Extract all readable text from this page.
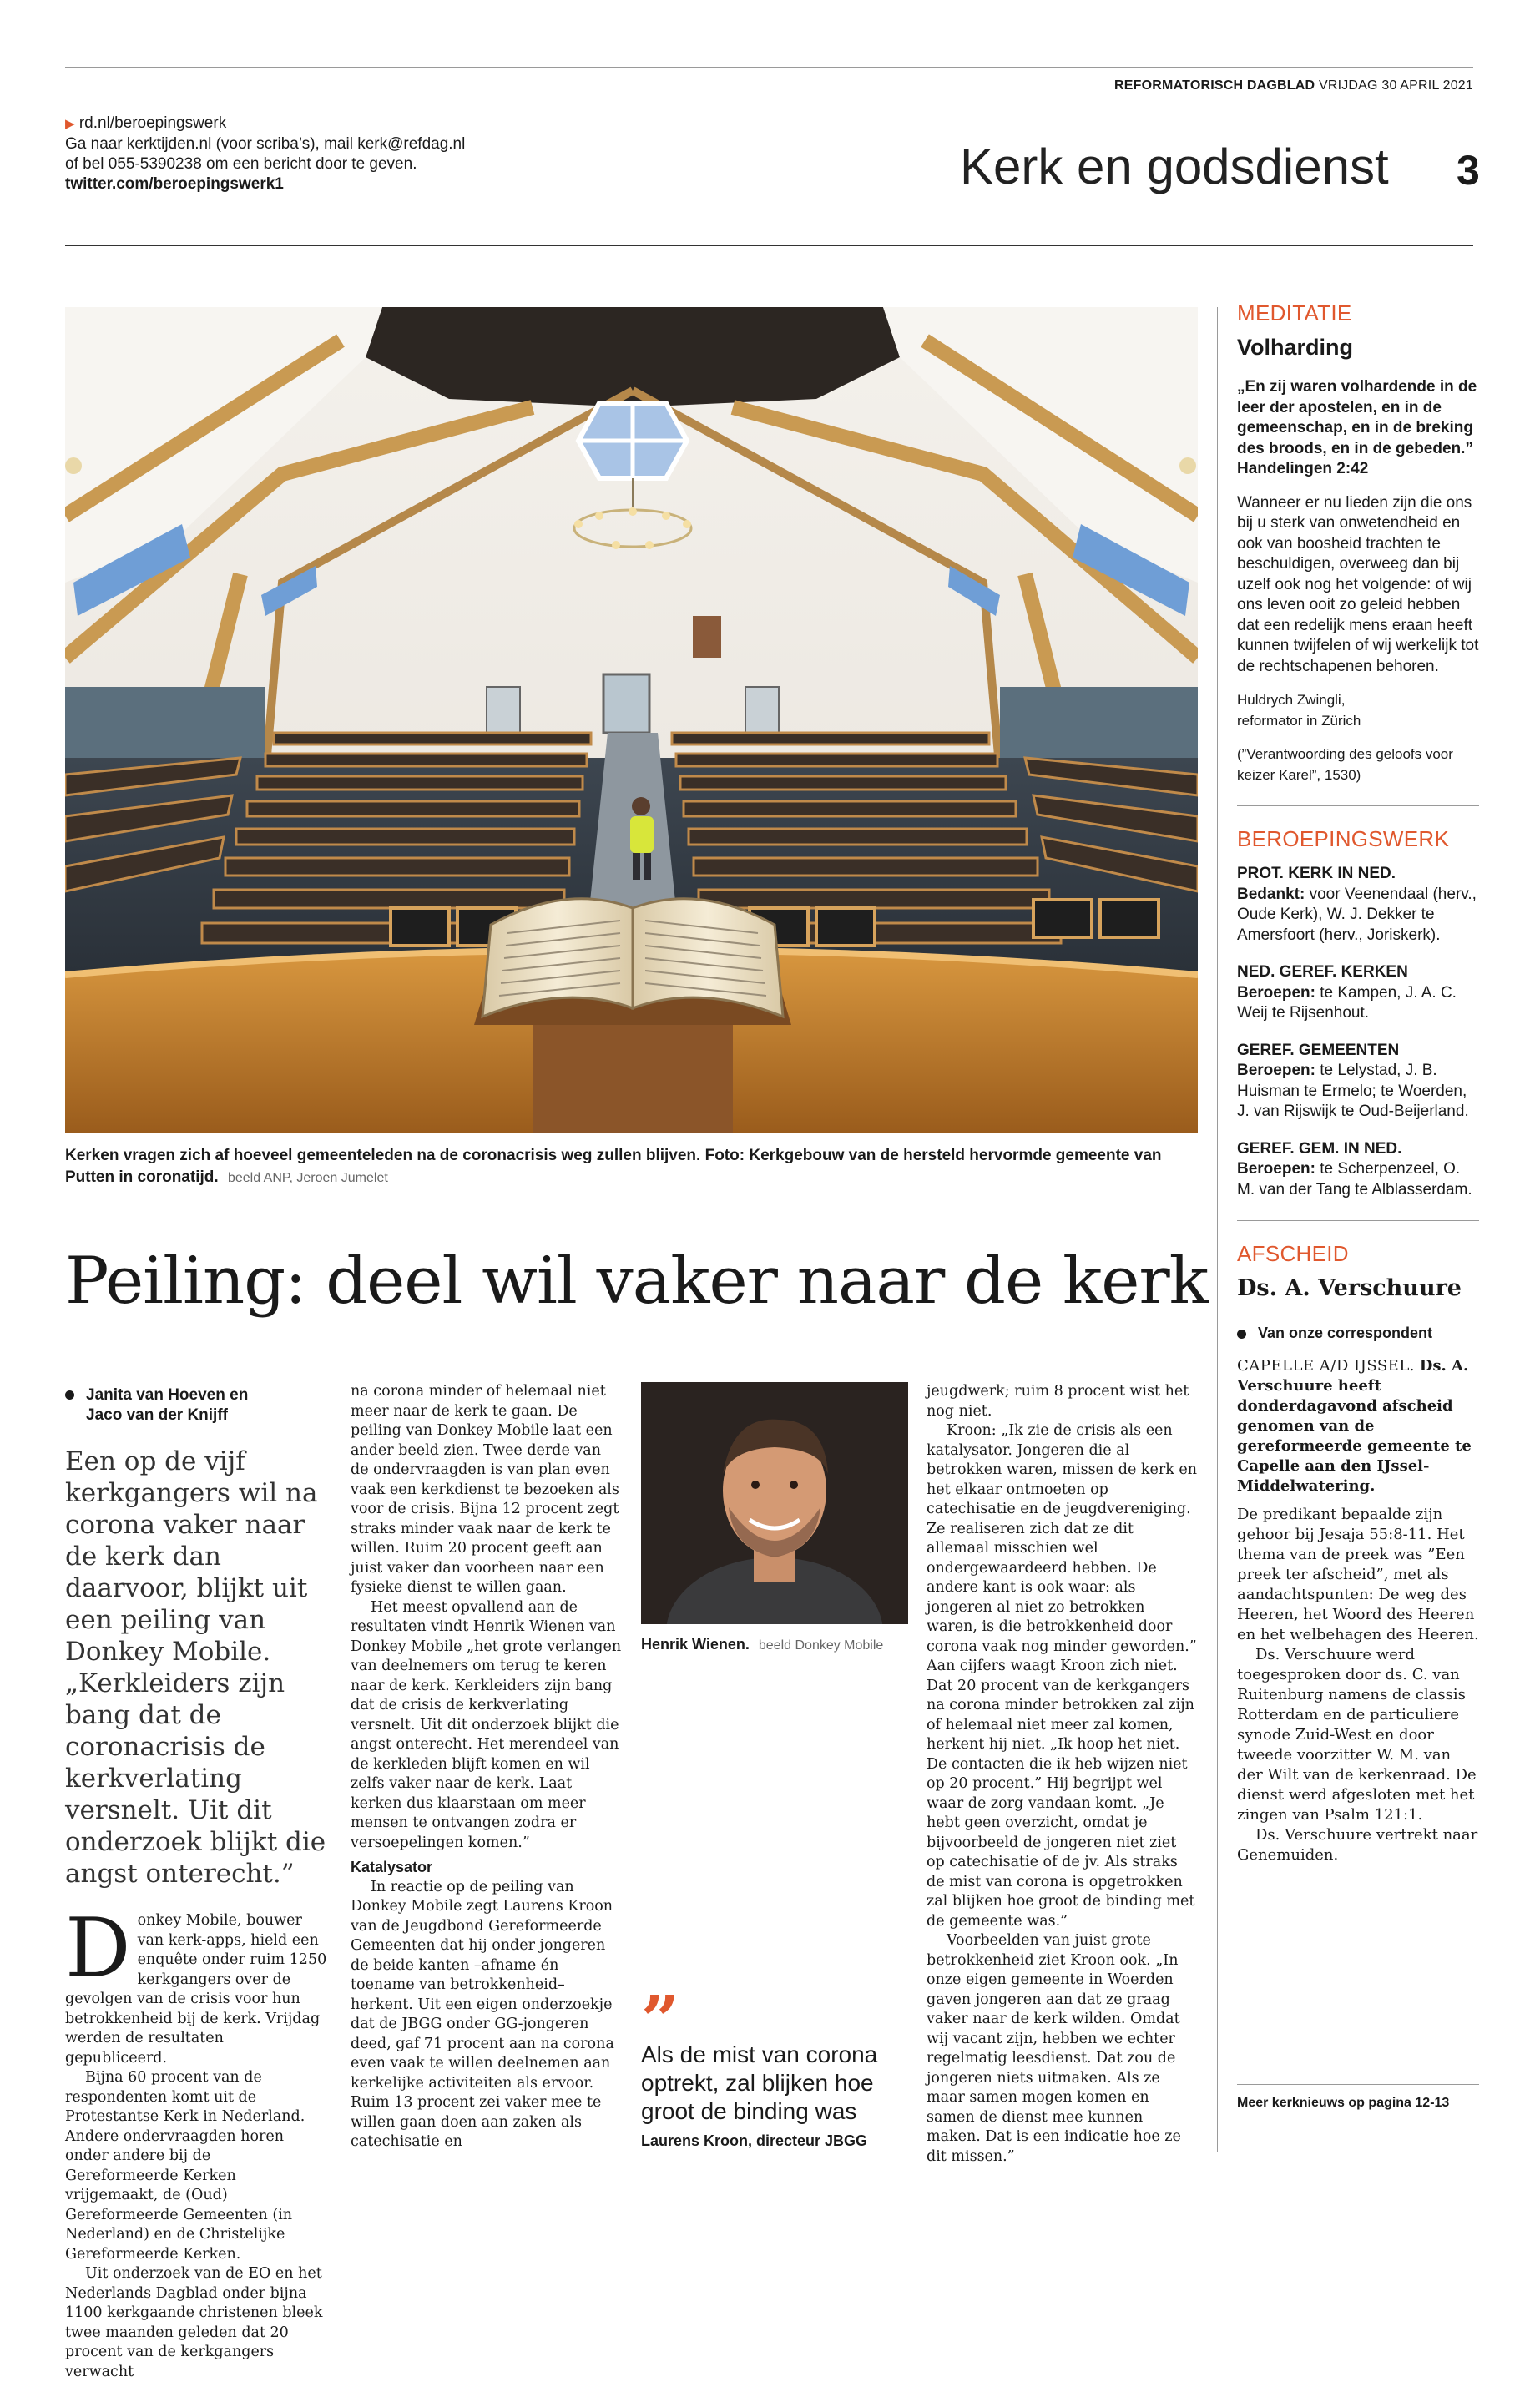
REFORMATORISCH DAGBLAD VRIJDAG 30 APRIL 2021
▶ rd.nl/beroepingswerk
Ga naar kerktijden.nl (voor scriba’s), mail kerk@refdag.nl
of bel 055-5390238 om een bericht door te geven.
twitter.com/beroepingswerk1	Kerk en godsdienst 3
Kerken vragen zich af hoeveel gemeenteleden na de coronacrisis weg zullen blijven. Foto: Kerkgebouw van de hersteld hervormde gemeente van Putten in coronatijd. beeld ANP, Jeroen Jumelet
Peiling: deel wil vaker naar de kerk
Janita van Hoeven en
Jaco van der Knijff

Een op de vijf kerkgangers wil na corona vaker naar de kerk dan daarvoor, blijkt uit een peiling van Donkey Mobile. „Kerkleiders zijn bang dat de coronacrisis de kerkverlating versnelt. Uit dit onderzoek blijkt die angst onterecht.”

D onkey Mobile, bouwer van kerk-apps, hield een enquête onder ruim 1250 kerkgangers over de gevolgen van de crisis voor hun betrokkenheid bij de kerk. Vrijdag werden de resultaten gepubliceerd.

Bijna 60 procent van de respondenten komt uit de Protestantse Kerk in Nederland. Andere ondervraagden horen onder andere bij de Gereformeerde Kerken vrijgemaakt, de (Oud) Gereformeerde Gemeenten (in Nederland) en de Christelijke Gereformeerde Kerken.

Uit onderzoek van de EO en het Nederlands Dagblad onder bijna 1100 kerkgaande christenen bleek twee maanden geleden dat 20 procent van de kerkgangers verwacht

na corona minder of helemaal niet meer naar de kerk te gaan. De peiling van Donkey Mobile laat een ander beeld zien. Twee derde van de ondervraagden is van plan even vaak een kerkdienst te bezoeken als voor de crisis. Bijna 12 procent zegt straks minder vaak naar de kerk te willen. Ruim 20 procent geeft aan juist vaker dan voorheen naar een fysieke dienst te willen gaan.

Het meest opvallend aan de resultaten vindt Henrik Wienen van Donkey Mobile „het grote verlangen van deelnemers om terug te keren naar de kerk. Kerkleiders zijn bang dat de crisis de kerkverlating versnelt. Uit dit onderzoek blijkt die angst onterecht. Het merendeel van de kerkleden blijft komen en wil zelfs vaker naar de kerk. Laat kerken dus klaarstaan om meer mensen te ontvangen zodra er versoepelingen komen.”

Katalysator

In reactie op de peiling van Donkey Mobile zegt Laurens Kroon van de Jeugdbond Gereformeerde Gemeenten dat hij onder jongeren de beide kanten –afname én toename van betrokkenheid– herkent. Uit een eigen onderzoekje dat de JBGG onder GG-jongeren deed, gaf 71 procent aan na corona even vaak te willen deelnemen aan kerkelijke activiteiten als ervoor. Ruim 13 procent zei vaker mee te willen gaan doen aan zaken als catechisatie en

Henrik Wienen. beeld Donkey Mobile
”
Als de mist van corona optrekt, zal blijken hoe groot de binding was
Laurens Kroon, directeur JBGG

jeugdwerk; ruim 8 procent wist het nog niet.

Kroon: „Ik zie de crisis als een katalysator. Jongeren die al betrokken waren, missen de kerk en het elkaar ontmoeten op catechisatie en de jeugdvereniging. Ze realiseren zich dat ze dit allemaal misschien wel ondergewaardeerd hebben. De andere kant is ook waar: als jongeren al niet zo betrokken waren, is die betrokkenheid door corona vaak nog minder geworden.” Aan cijfers waagt Kroon zich niet. Dat 20 procent van de kerkgangers na corona minder betrokken zal zijn of helemaal niet meer zal komen, herkent hij niet. „Ik hoop het niet. De contacten die ik heb wijzen niet op 20 procent.” Hij begrijpt wel waar de zorg vandaan komt. „Je hebt geen overzicht, omdat je bijvoorbeeld de jongeren niet ziet op catechisatie of de jv. Als straks de mist van corona is opgetrokken zal blijken hoe groot de binding met de gemeente was.”

Voorbeelden van juist grote betrokkenheid ziet Kroon ook. „In onze eigen gemeente in Woerden gaven jongeren aan dat ze graag vaker naar de kerk wilden. Omdat wij vacant zijn, hebben we echter regelmatig leesdienst. Dat zou de jongeren niets uitmaken. Als ze maar samen mogen komen en samen de dienst mee kunnen maken. Dat is een indicatie hoe ze dit missen.”

MEDITATIE
Volharding

„En zij waren volhardende in de leer der apostelen, en in de gemeenschap, en in de breking des broods, en in de gebeden.” Handelingen 2:42

Wanneer er nu lieden zijn die ons bij u sterk van onwetendheid en ook van boosheid trachten te beschuldigen, overweeg dan bij uzelf ook nog het volgende: of wij ons leven ooit zo geleid hebben dat een redelijk mens eraan heeft kunnen twijfelen of wij werkelijk tot de rechtschapenen behoren.

Huldrych Zwingli,
reformator in Zürich

(”Verantwoording des geloofs voor keizer Karel”, 1530)

BEROEPINGSWERK
PROT. KERK IN NED.
Bedankt: voor Veenendaal (herv., Oude Kerk), W. J. Dekker te Amersfoort (herv., Joriskerk).
NED. GEREF. KERKEN
Beroepen: te Kampen, J. A. C. Weij te Rijsenhout.
GEREF. GEMEENTEN
Beroepen: te Lelystad, J. B. Huisman te Ermelo; te Woerden, J. van Rijswijk te Oud-Beijerland.
GEREF. GEM. IN NED.
Beroepen: te Scherpenzeel, O. M. van der Tang te Alblasserdam.
AFSCHEID
Ds. A. Verschuure
Van onze correspondent

CAPELLE A/D IJSSEL. Ds. A. Verschuure heeft donderdagavond afscheid genomen van de gereformeerde gemeente te Capelle aan den IJssel-Middelwatering.

De predikant bepaalde zijn gehoor bij Jesaja 55:8-11. Het thema van de preek was ”Een preek ter afscheid”, met als aandachtspunten: De weg des Heeren, het Woord des Heeren en het welbehagen des Heeren.

Ds. Verschuure werd toegesproken door ds. C. van Ruitenburg namens de classis Rotterdam en de particuliere synode Zuid-West en door tweede voorzitter W. M. van der Wilt van de kerkenraad. De dienst werd afgesloten met het zingen van Psalm 121:1.

Ds. Verschuure vertrekt naar Genemuiden.

Meer kerknieuws op pagina 12-13
